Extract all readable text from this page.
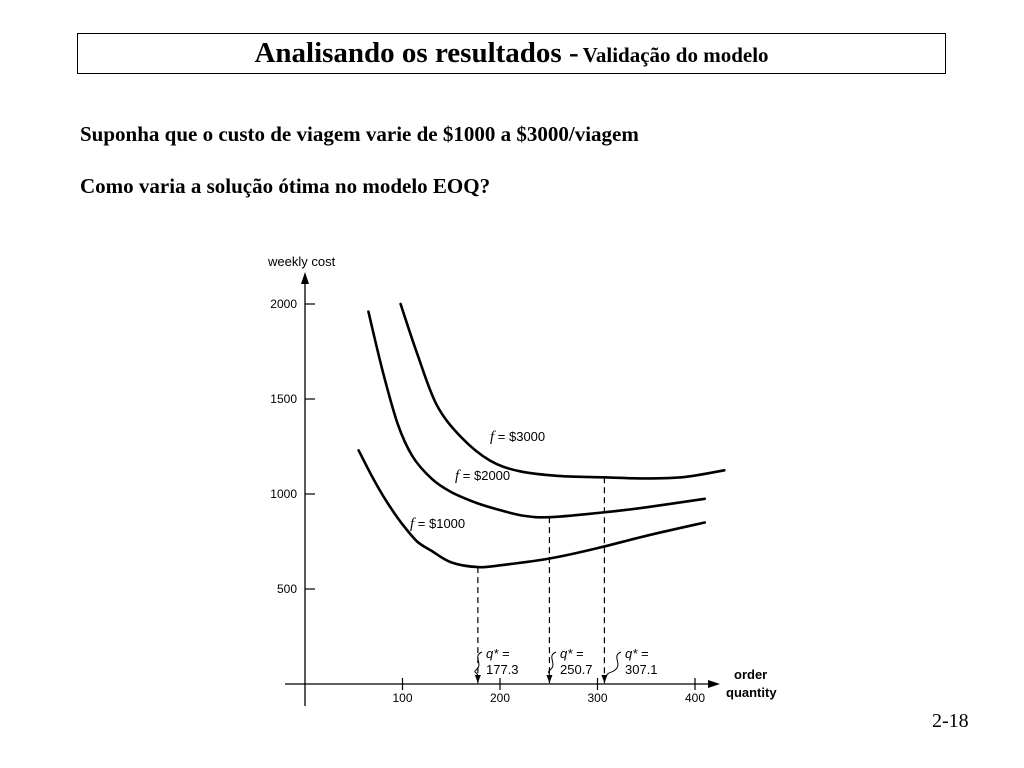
Analisando os resultados - Validação do modelo
Suponha que o custo de viagem varie de $1000 a $3000/viagem
Como varia a solução ótima no modelo EOQ?
weekly cost
order
quantity
500
1000
1500
2000
100	200	300	400
f = $1000
q* =
177.3
f = $2000
q* =
250.7
f = $3000
q* =
307.1
2-18
